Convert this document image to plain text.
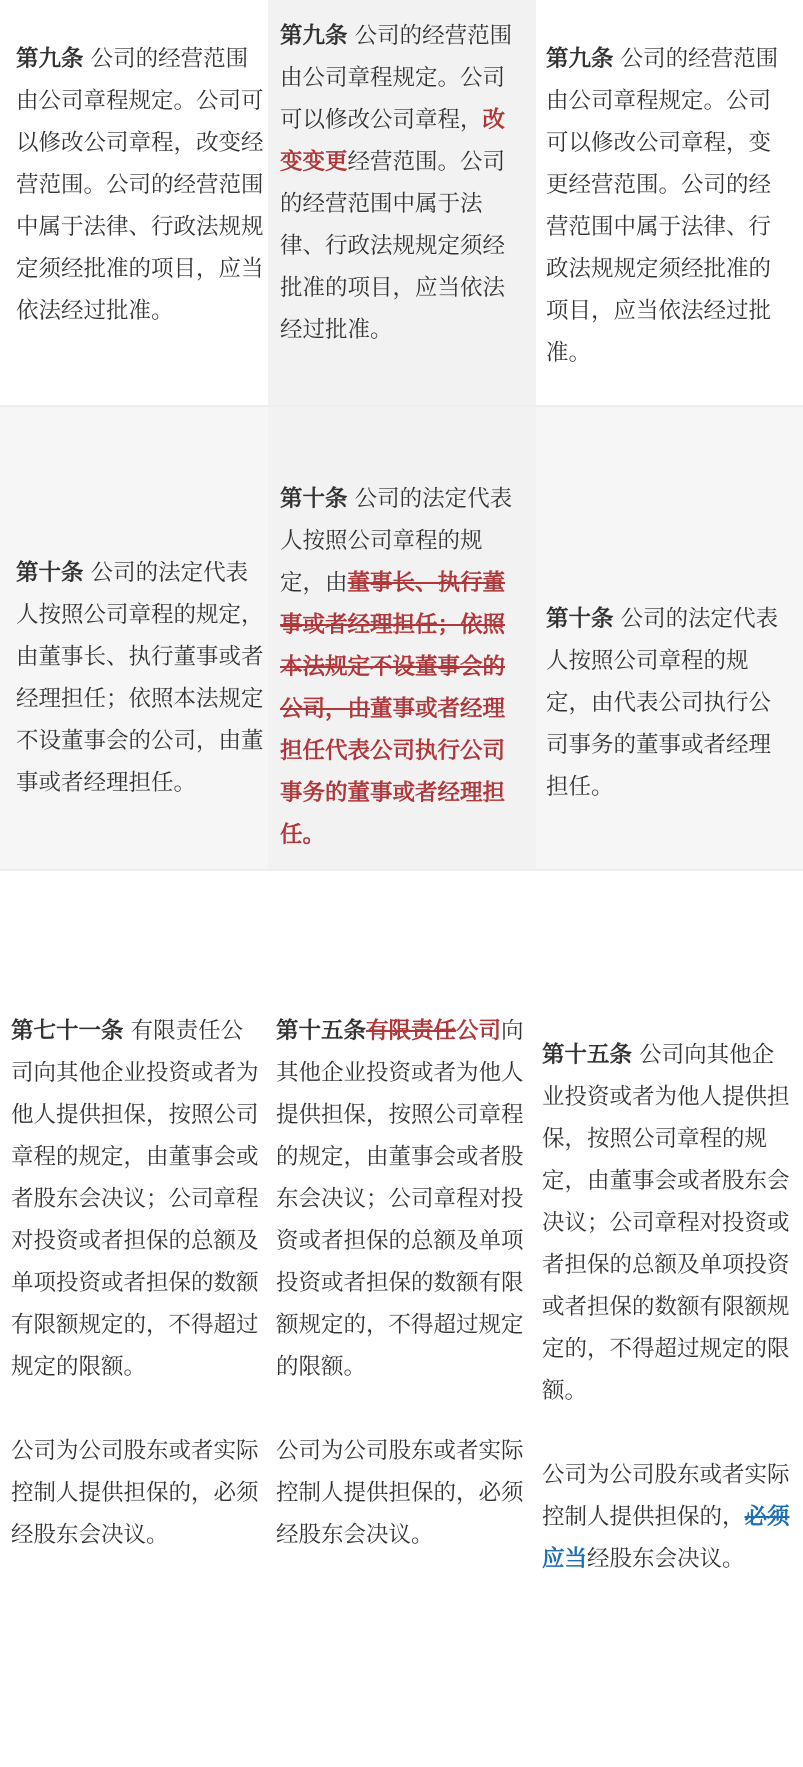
第九条 公司的经营范围由公司章程规定。公司可以修改公司章程，改变经营范围。公司的经营范围中属于法律、行政法规规定须经批准的项目，应当依法经过批准。

第九条 公司的经营范围由公司章程规定。公司可以修改公司章程，改变变更经营范围。公司的经营范围中属于法律、行政法规规定须经批准的项目，应当依法经过批准。

第九条 公司的经营范围由公司章程规定。公司可以修改公司章程，变更经营范围。公司的经营范围中属于法律、行政法规规定须经批准的项目，应当依法经过批准。

第十条 公司的法定代表人按照公司章程的规定，由董事长、执行董事或者经理担任；依照本法规定不设董事会的公司，由董事或者经理担任。

第十条 公司的法定代表人按照公司章程的规定，由董事长、执行董事或者经理担任；依照本法规定不设董事会的公司，由董事或者经理担任代表公司执行公司事务的董事或者经理担任。

第十条 公司的法定代表人按照公司章程的规定，由代表公司执行公司事务的董事或者经理担任。

第七十一条 有限责任公司向其他企业投资或者为他人提供担保，按照公司章程的规定，由董事会或者股东会决议；公司章程对投资或者担保的总额及单项投资或者担保的数额有限额规定的，不得超过规定的限额。

公司为公司股东或者实际控制人提供担保的，必须经股东会决议。

第十五条有限责任公司向其他企业投资或者为他人提供担保，按照公司章程的规定，由董事会或者股东会决议；公司章程对投资或者担保的总额及单项投资或者担保的数额有限额规定的，不得超过规定的限额。

公司为公司股东或者实际控制人提供担保的，必须经股东会决议。

第十五条 公司向其他企业投资或者为他人提供担保，按照公司章程的规定，由董事会或者股东会决议；公司章程对投资或者担保的总额及单项投资或者担保的数额有限额规定的，不得超过规定的限额。

公司为公司股东或者实际控制人提供担保的，必须应当经股东会决议。
